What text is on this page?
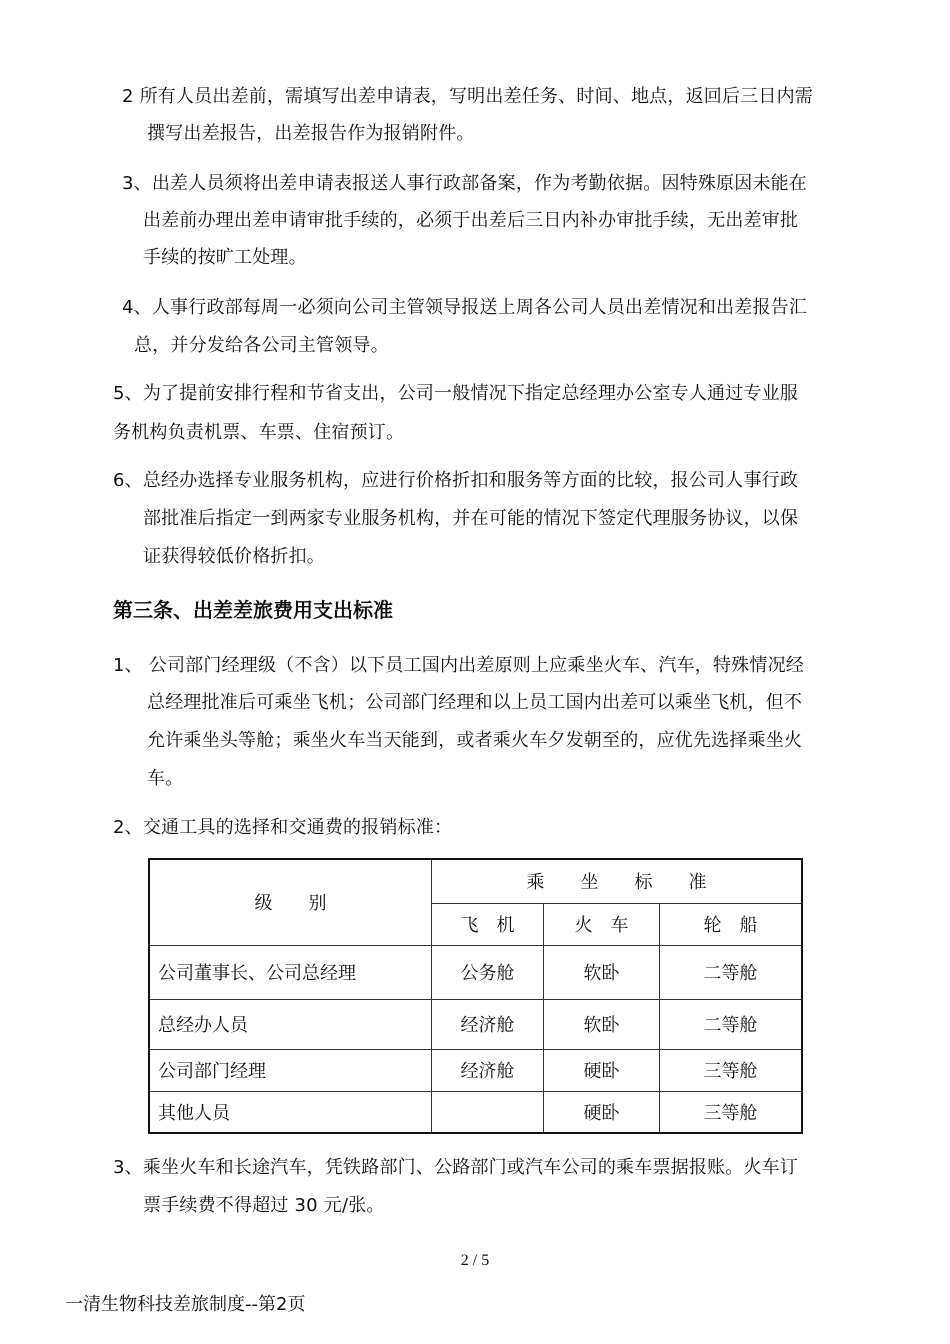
2 所有人员出差前，需填写出差申请表，写明出差任务、时间、地点，返回后三日内需
撰写出差报告，出差报告作为报销附件。
3、出差人员须将出差申请表报送人事行政部备案，作为考勤依据。因特殊原因未能在
出差前办理出差申请审批手续的，必须于出差后三日内补办审批手续，无出差审批
手续的按旷工处理。
4、人事行政部每周一必须向公司主管领导报送上周各公司人员出差情况和出差报告汇
总，并分发给各公司主管领导。
5、为了提前安排行程和节省支出，公司一般情况下指定总经理办公室专人通过专业服
务机构负责机票、车票、住宿预订。
6、总经办选择专业服务机构，应进行价格折扣和服务等方面的比较，报公司人事行政
部批准后指定一到两家专业服务机构，并在可能的情况下签定代理服务协议，以保
证获得较低价格折扣。
第三条、出差差旅费用支出标准
1、 公司部门经理级（不含）以下员工国内出差原则上应乘坐火车、汽车，特殊情况经
总经理批准后可乘坐飞机；公司部门经理和以上员工国内出差可以乘坐飞机，但不
允许乘坐头等舱；乘坐火车当天能到，或者乘火车夕发朝至的，应优先选择乘坐火
车。
2、交通工具的选择和交通费的报销标准：
级　　别	乘　　坐　　标　　准		
	飞　机	火　车	轮　船
公司董事长、公司总经理	公务舱	软卧	二等舱
总经办人员	经济舱	软卧	二等舱
公司部门经理	经济舱	硬卧	三等舱
其他人员		硬卧	三等舱
3、乘坐火车和长途汽车，凭铁路部门、公路部门或汽车公司的乘车票据报账。火车订
票手续费不得超过 30 元/张。
2 / 5
一清生物科技差旅制度--第2页
